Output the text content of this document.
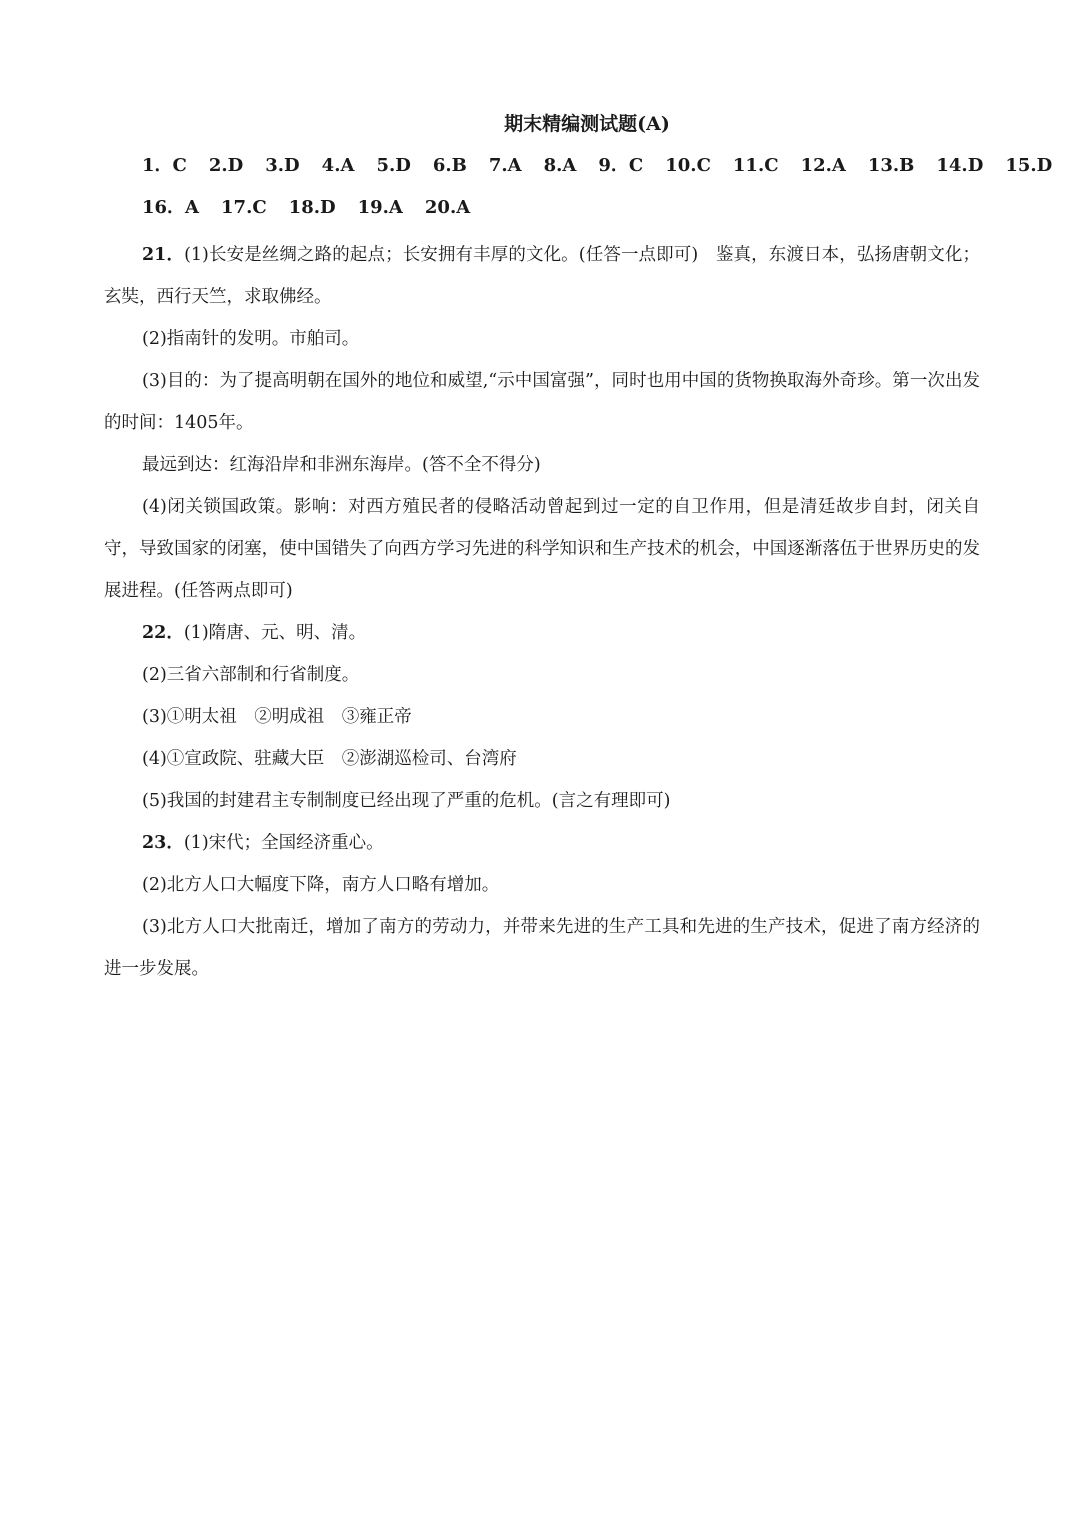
期末精编测试题(A)
1．C 2.D 3.D 4.A 5.D 6.B 7.A 8.A 9．C 10.C 11.C 12.A 13.B 14.D 15.D
16．A 17.C 18.D 19.A 20.A

21．(1)长安是丝绸之路的起点；长安拥有丰厚的文化。(任答一点即可)　鉴真，东渡日本，弘扬唐朝文化；玄奘，西行天竺，求取佛经。

(2)指南针的发明。市舶司。

(3)目的：为了提高明朝在国外的地位和威望,“示中国富强”，同时也用中国的货物换取海外奇珍。第一次出发的时间：1405年。

最远到达：红海沿岸和非洲东海岸。(答不全不得分)

(4)闭关锁国政策。影响：对西方殖民者的侵略活动曾起到过一定的自卫作用，但是清廷故步自封，闭关自守，导致国家的闭塞，使中国错失了向西方学习先进的科学知识和生产技术的机会，中国逐渐落伍于世界历史的发展进程。(任答两点即可)

22．(1)隋唐、元、明、清。

(2)三省六部制和行省制度。

(3)①明太祖　②明成祖　③雍正帝

(4)①宣政院、驻藏大臣　②澎湖巡检司、台湾府

(5)我国的封建君主专制制度已经出现了严重的危机。(言之有理即可)

23．(1)宋代；全国经济重心。

(2)北方人口大幅度下降，南方人口略有增加。

(3)北方人口大批南迁，增加了南方的劳动力，并带来先进的生产工具和先进的生产技术，促进了南方经济的进一步发展。
